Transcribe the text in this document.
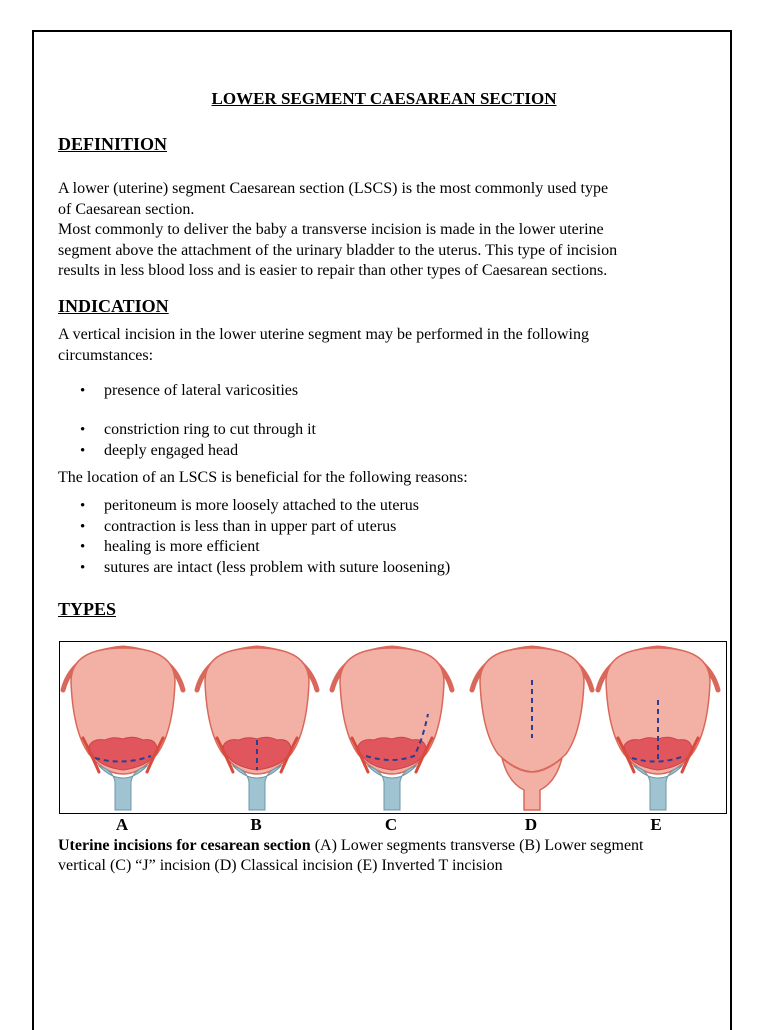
LOWER SEGMENT CAESAREAN SECTION
DEFINITION
A lower (uterine) segment Caesarean section (LSCS) is the most commonly used type
of Caesarean section.
Most commonly to deliver the baby a transverse incision is made in the lower uterine
segment above the attachment of the urinary bladder to the uterus. This type of incision
results in less blood loss and is easier to repair than other types of Caesarean sections.
INDICATION
A vertical incision in the lower uterine segment may be performed in the following
circumstances:
• presence of lateral varicosities
• constriction ring to cut through it
• deeply engaged head
The location of an LSCS is beneficial for the following reasons:
• peritoneum is more loosely attached to the uterus
• contraction is less than in upper part of uterus
• healing is more efficient
• sutures are intact (less problem with suture loosening)
TYPES
A	B	C	D	E
Uterine incisions for cesarean section (A) Lower segments transverse (B) Lower segment
vertical (C) “J” incision (D) Classical incision (E) Inverted T incision
